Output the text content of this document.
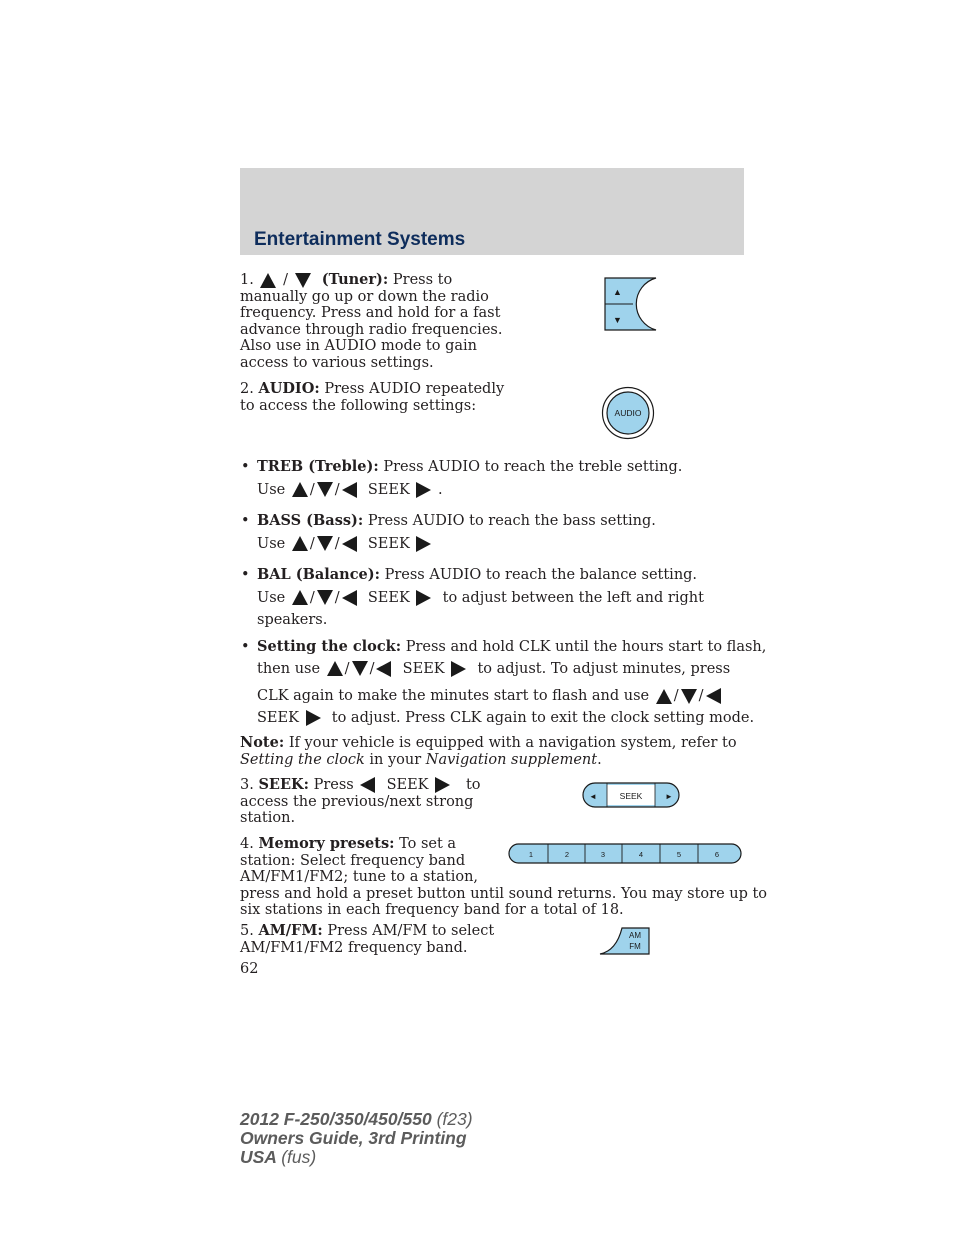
Entertainment Systems
1. / (Tuner): Press to
manually go up or down the radio
frequency. Press and hold for a fast
advance through radio frequencies.
Also use in AUDIO mode to gain
access to various settings.
▲
▼
2. AUDIO: Press AUDIO repeatedly
to access the following settings:	AUDIO
• TREB (Treble): Press AUDIO to reach the treble setting.
Use / / SEEK .
• BASS (Bass): Press AUDIO to reach the bass setting.
Use / / SEEK
• BAL (Balance): Press AUDIO to reach the balance setting.
Use / / SEEK to adjust between the left and right
speakers.
• Setting the clock: Press and hold CLK until the hours start to flash,
then use / / SEEK to adjust. To adjust minutes, press
CLK again to make the minutes start to flash and use / /
SEEK to adjust. Press CLK again to exit the clock setting mode.
Note: If your vehicle is equipped with a navigation system, refer to
Setting the clock in your Navigation supplement.
3. SEEK: Press SEEK	to
access the previous/next strong
station.
◄	SEEK	►
4. Memory presets: To set a
station: Select frequency band
AM/FM1/FM2; tune to a station,
press and hold a preset button until sound returns. You may store up to
six stations in each frequency band for a total of 18.
1	2	3	4	5	6
5. AM/FM: Press AM/FM to select
AM/FM1/FM2 frequency band.
AM
FM
62
2012 F-250/350/450/550 (f23)
Owners Guide, 3rd Printing
USA (fus)
